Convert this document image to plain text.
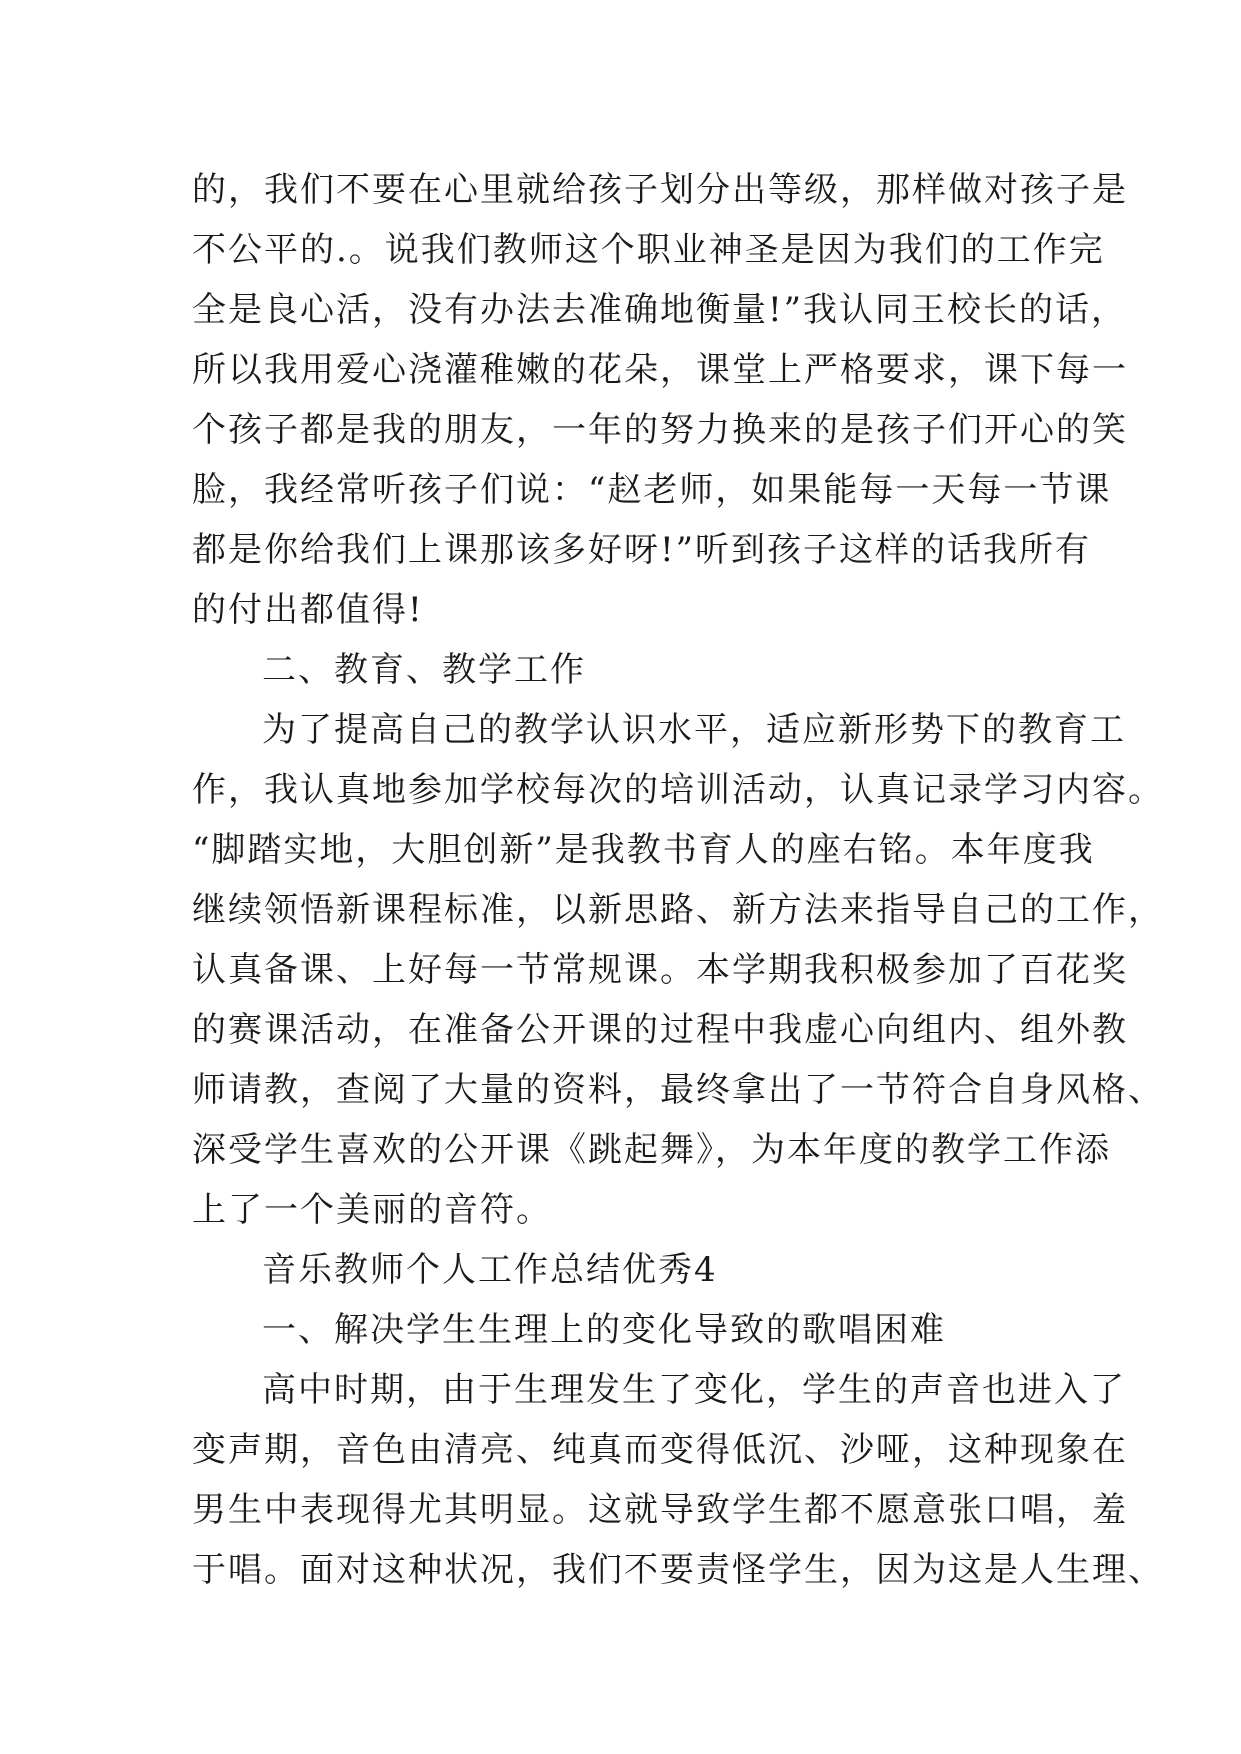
的，我们不要在心里就给孩子划分出等级，那样做对孩子是
不公平的.。说我们教师这个职业神圣是因为我们的工作完
全是良心活，没有办法去准确地衡量!”我认同王校长的话，
所以我用爱心浇灌稚嫩的花朵，课堂上严格要求，课下每一
个孩子都是我的朋友，一年的努力换来的是孩子们开心的笑
脸，我经常听孩子们说：“赵老师，如果能每一天每一节课
都是你给我们上课那该多好呀!”听到孩子这样的话我所有
的付出都值得!
二、教育、教学工作
为了提高自己的教学认识水平，适应新形势下的教育工
作，我认真地参加学校每次的培训活动，认真记录学习内容。
“脚踏实地，大胆创新”是我教书育人的座右铭。本年度我
继续领悟新课程标准，以新思路、新方法来指导自己的工作，
认真备课、上好每一节常规课。本学期我积极参加了百花奖
的赛课活动，在准备公开课的过程中我虚心向组内、组外教
师请教，查阅了大量的资料，最终拿出了一节符合自身风格、
深受学生喜欢的公开课《跳起舞》，为本年度的教学工作添
上了一个美丽的音符。
音乐教师个人工作总结优秀4
一、解决学生生理上的变化导致的歌唱困难
高中时期，由于生理发生了变化，学生的声音也进入了
变声期，音色由清亮、纯真而变得低沉、沙哑，这种现象在
男生中表现得尤其明显。这就导致学生都不愿意张口唱，羞
于唱。面对这种状况，我们不要责怪学生，因为这是人生理、
